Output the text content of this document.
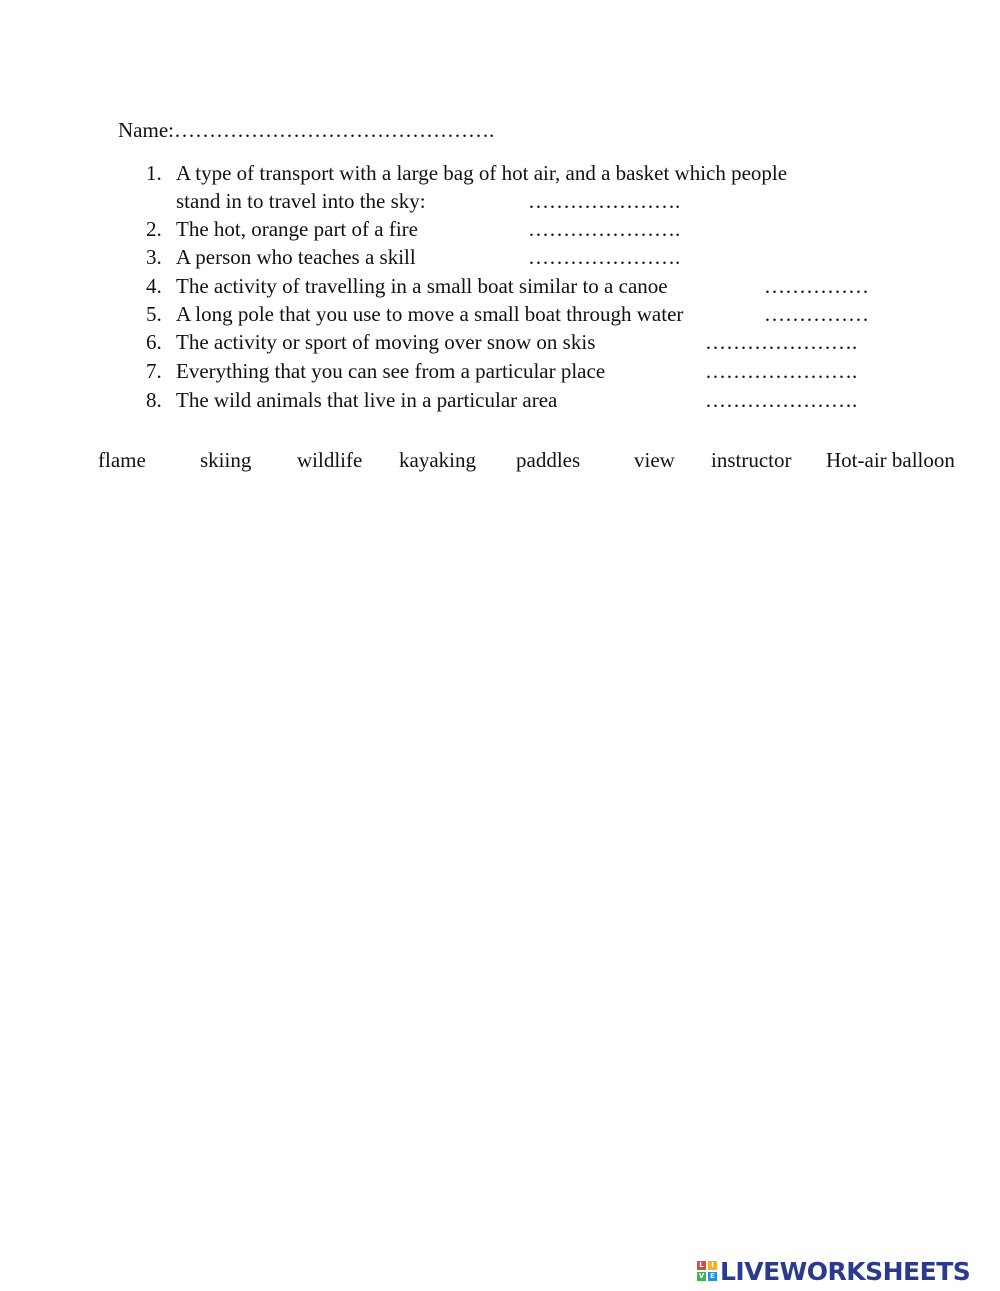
Name:……………………………………….
1. A type of transport with a large bag of hot air, and a basket which people
stand in to travel into the sky:	………………….
2. The hot, orange part of a fire	………………….
3. A person who teaches a skill	………………….
4. The activity of travelling in a small boat similar to a canoe	……………
5. A long pole that you use to move a small boat through water	……………
6. The activity or sport of moving over snow on skis	………………….
7. Everything that you can see from a particular place	………………….
8. The wild animals that live in a particular area	………………….
flame	skiing wildlife kayaking paddles	view instructor Hot-air balloon
L	I
V E LIVEWORKSHEETS
